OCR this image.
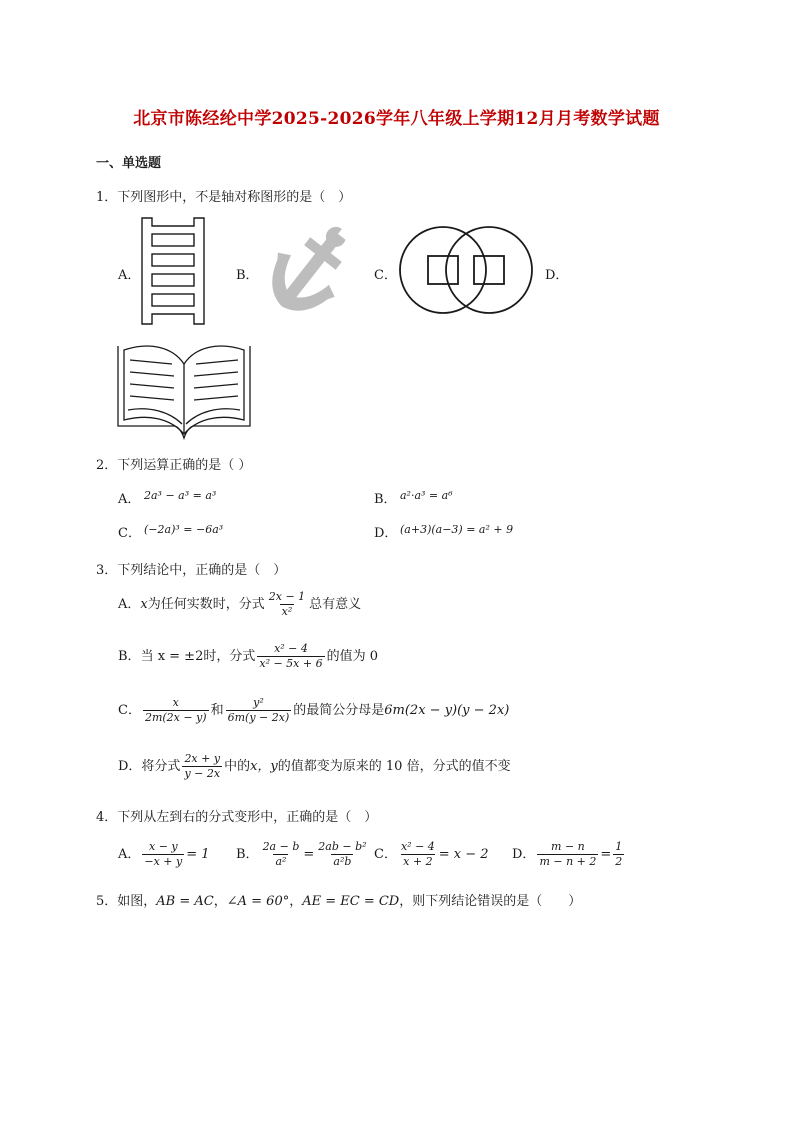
北京市陈经纶中学2025-2026学年八年级上学期12月月考数学试题
一、单选题
1．下列图形中，不是轴对称图形的是（　）
A．	B．	C．	D．
2．下列运算正确的是（ ）
A． 2a³ − a³ = a³	B． a²·a³ = a⁶
C． (−2a)³ = −6a³	D． (a+3)(a−3) = a² + 9
3．下列结论中，正确的是（　）
A．x为任何实数时，分式 $\frac{2x - 1}{\text{x²}}$ 总有意义
B．当 x = ±2时，分式 $\frac{\text{x² − 4}}{\text{x² − 5x + 6}}$ 的值为 0
C． $\frac{x}{2m(2x - y)}$ 和 $\frac{\text{y²}}{6m(y - 2x)}$ 的最简公分母是6m(2x − y)(y − 2x)
D．将分式 $\frac{2x + y}{y - 2x}$ 中的x，y的值都变为原来的 10 倍，分式的值不变
4．下列从左到右的分式变形中，正确的是（　）
A． $\frac{x - y}{-x + y} = 1$ B． $\frac{2a - b}{\text{a²}} = \frac{\text{2ab − b²}}{\text{a²b}}$ C． $\frac{\text{x² − 4}}{x + 2} = x - 2$ D． $\frac{m - n}{m - n + 2} = \frac{1}{2}$
5．如图，AB = AC，∠A = 60°，AE = EC = CD，则下列结论错误的是（　　）
